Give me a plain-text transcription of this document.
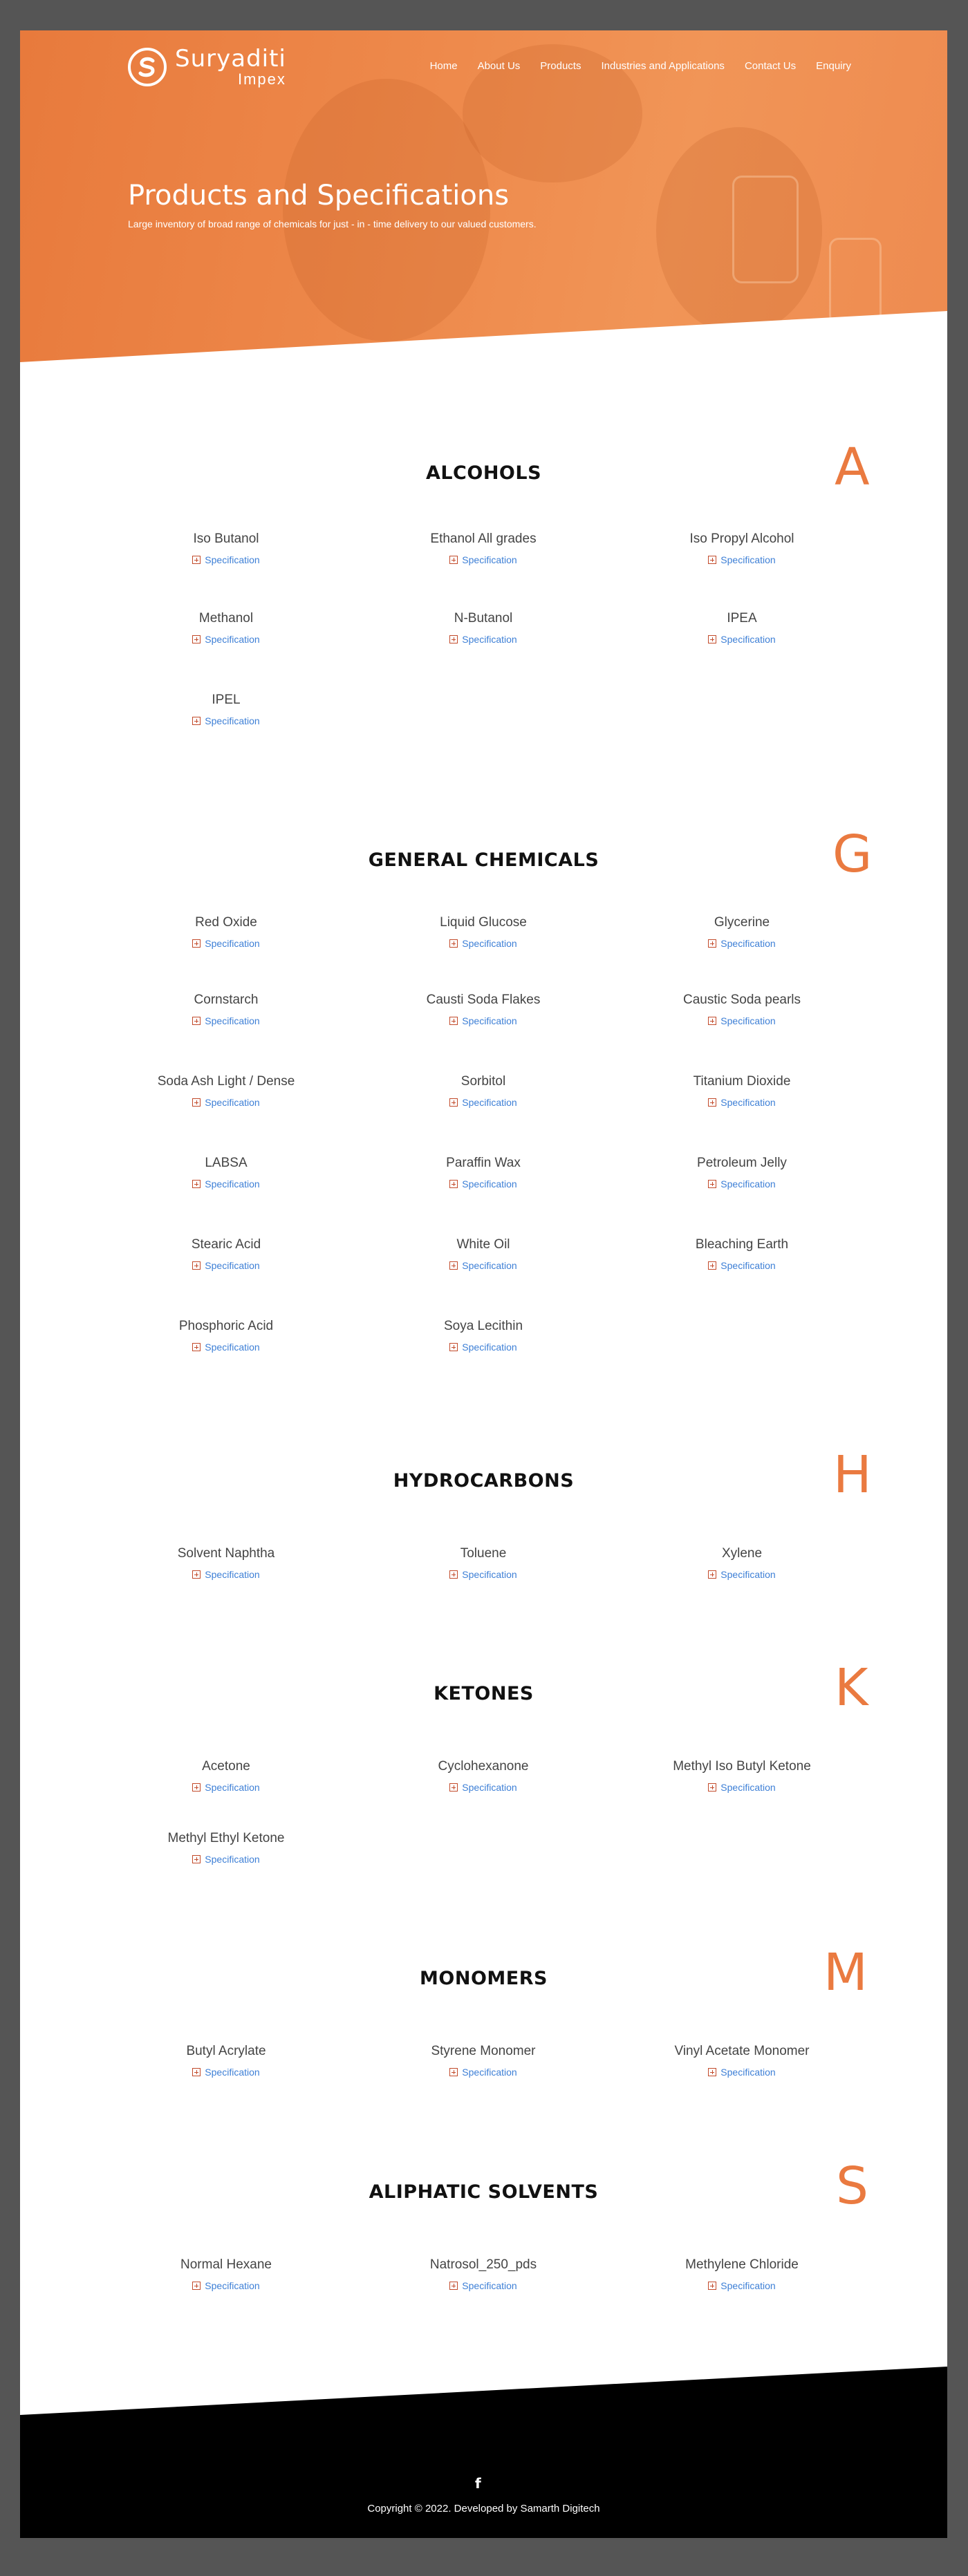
Suryaditi
Impex
Home About Us Products Industries and Applications Contact Us Enquiry
Products and Specifications

Large inventory of broad range of chemicals for just - in - time delivery to our valued customers.

ALCOHOLS	A
Iso Butanol
Specification
Ethanol All grades
Specification
Iso Propyl Alcohol
Specification
Methanol
Specification
N-Butanol
Specification
IPEA
Specification
IPEL
Specification
GENERAL CHEMICALS	G
Red Oxide
Specification
Liquid Glucose
Specification
Glycerine
Specification
Cornstarch
Specification
Causti Soda Flakes
Specification
Caustic Soda pearls
Specification
Soda Ash Light / Dense
Specification
Sorbitol
Specification
Titanium Dioxide
Specification
LABSA
Specification
Paraffin Wax
Specification
Petroleum Jelly
Specification
Stearic Acid
Specification
White Oil
Specification
Bleaching Earth
Specification
Phosphoric Acid
Specification
Soya Lecithin
Specification
HYDROCARBONS	H
Solvent Naphtha
Specification
Toluene
Specification
Xylene
Specification
KETONES	K
Acetone
Specification
Cyclohexanone
Specification
Methyl Iso Butyl Ketone
Specification
Methyl Ethyl Ketone
Specification
MONOMERS	M
Butyl Acrylate
Specification
Styrene Monomer
Specification
Vinyl Acetate Monomer
Specification
ALIPHATIC SOLVENTS	S
Normal Hexane
Specification
Natrosol_250_pds
Specification
Methylene Chloride
Specification
f

Copyright © 2022. Developed by Samarth Digitech
